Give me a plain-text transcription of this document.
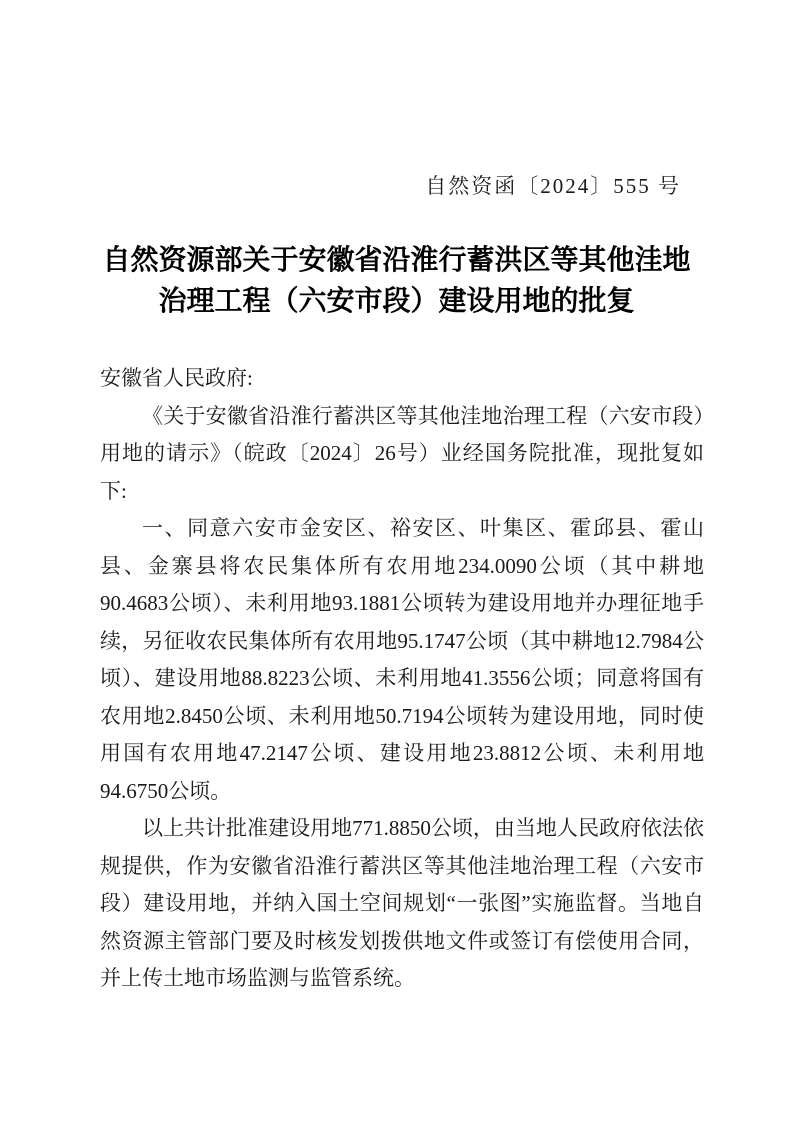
自然资函〔2024〕555 号
自然资源部关于安徽省沿淮行蓄洪区等其他洼地
治理工程（六安市段）建设用地的批复

安徽省人民政府:

《关于安徽省沿淮行蓄洪区等其他洼地治理工程（六安市段）用地的请示》（皖政〔2024〕26号）业经国务院批准，现批复如下:

一、同意六安市金安区、裕安区、叶集区、霍邱县、霍山县、金寨县将农民集体所有农用地234.0090公顷（其中耕地90.4683公顷）、未利用地93.1881公顷转为建设用地并办理征地手续，另征收农民集体所有农用地95.1747公顷（其中耕地12.7984公顷）、建设用地88.8223公顷、未利用地41.3556公顷；同意将国有农用地2.8450公顷、未利用地50.7194公顷转为建设用地，同时使用国有农用地47.2147公顷、建设用地23.8812公顷、未利用地94.6750公顷。

以上共计批准建设用地771.8850公顷，由当地人民政府依法依规提供，作为安徽省沿淮行蓄洪区等其他洼地治理工程（六安市段）建设用地，并纳入国土空间规划“一张图”实施监督。当地自然资源主管部门要及时核发划拨供地文件或签订有偿使用合同，并上传土地市场监测与监管系统。
